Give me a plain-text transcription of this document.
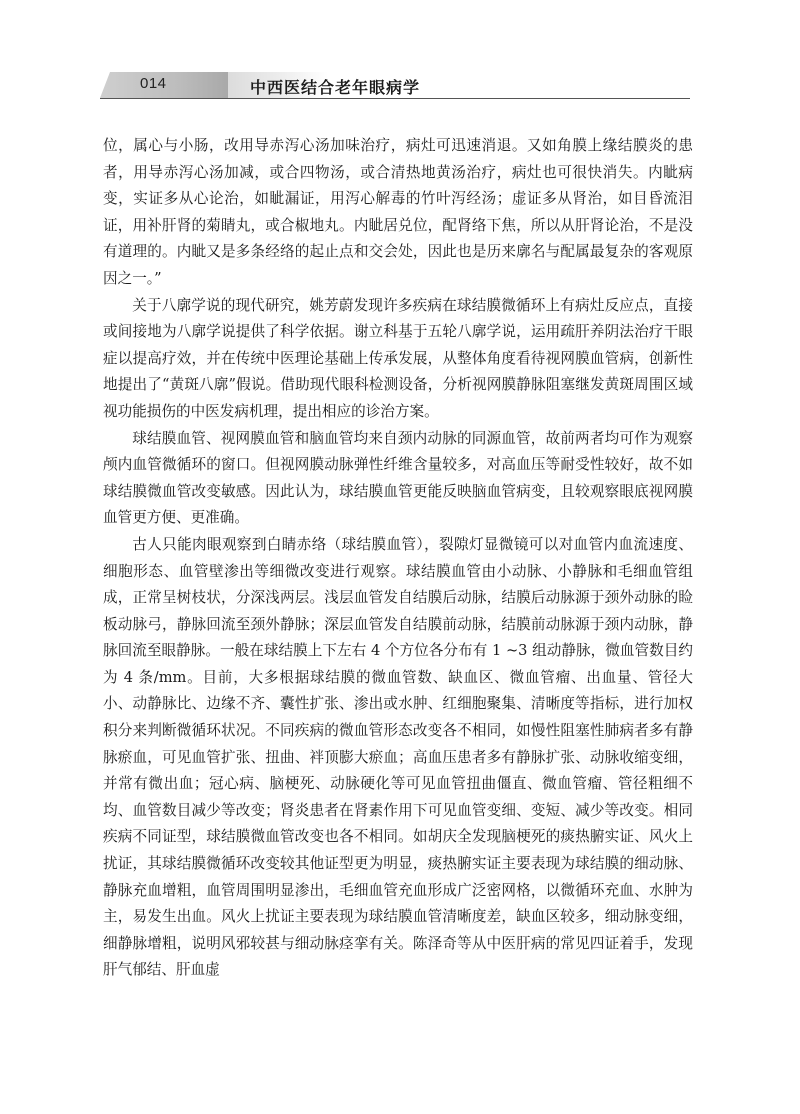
014	中西医结合老年眼病学

位，属心与小肠，改用导赤泻心汤加味治疗，病灶可迅速消退。又如角膜上缘结膜炎的患者，用导赤泻心汤加减，或合四物汤，或合清热地黄汤治疗，病灶也可很快消失。内眦病变，实证多从心论治，如眦漏证，用泻心解毒的竹叶泻经汤；虚证多从肾治，如目昏流泪证，用补肝肾的菊睛丸，或合椒地丸。内眦居兑位，配肾络下焦，所以从肝肾论治，不是没有道理的。内眦又是多条经络的起止点和交会处，因此也是历来廓名与配属最复杂的客观原因之一。”

关于八廓学说的现代研究，姚芳蔚发现许多疾病在球结膜微循环上有病灶反应点，直接或间接地为八廓学说提供了科学依据。谢立科基于五轮八廓学说，运用疏肝养阴法治疗干眼症以提高疗效，并在传统中医理论基础上传承发展，从整体角度看待视网膜血管病，创新性地提出了“黄斑八廓”假说。借助现代眼科检测设备，分析视网膜静脉阻塞继发黄斑周围区域视功能损伤的中医发病机理，提出相应的诊治方案。

球结膜血管、视网膜血管和脑血管均来自颈内动脉的同源血管，故前两者均可作为观察颅内血管微循环的窗口。但视网膜动脉弹性纤维含量较多，对高血压等耐受性较好，故不如球结膜微血管改变敏感。因此认为，球结膜血管更能反映脑血管病变，且较观察眼底视网膜血管更方便、更准确。

古人只能肉眼观察到白睛赤络（球结膜血管），裂隙灯显微镜可以对血管内血流速度、细胞形态、血管壁渗出等细微改变进行观察。球结膜血管由小动脉、小静脉和毛细血管组成，正常呈树枝状，分深浅两层。浅层血管发自结膜后动脉，结膜后动脉源于颈外动脉的睑板动脉弓，静脉回流至颈外静脉；深层血管发自结膜前动脉，结膜前动脉源于颈内动脉，静脉回流至眼静脉。一般在球结膜上下左右 4 个方位各分布有 1 ~3 组动静脉，微血管数目约为 4 条/mm。目前，大多根据球结膜的微血管数、缺血区、微血管瘤、出血量、管径大小、动静脉比、边缘不齐、囊性扩张、渗出或水肿、红细胞聚集、清晰度等指标，进行加权积分来判断微循环状况。不同疾病的微血管形态改变各不相同，如慢性阻塞性肺病者多有静脉瘀血，可见血管扩张、扭曲、袢顶膨大瘀血；高血压患者多有静脉扩张、动脉收缩变细，并常有微出血；冠心病、脑梗死、动脉硬化等可见血管扭曲僵直、微血管瘤、管径粗细不均、血管数目减少等改变；肾炎患者在肾素作用下可见血管变细、变短、减少等改变。相同疾病不同证型，球结膜微血管改变也各不相同。如胡庆全发现脑梗死的痰热腑实证、风火上扰证，其球结膜微循环改变较其他证型更为明显，痰热腑实证主要表现为球结膜的细动脉、静脉充血增粗，血管周围明显渗出，毛细血管充血形成广泛密网格，以微循环充血、水肿为主，易发生出血。风火上扰证主要表现为球结膜血管清晰度差，缺血区较多，细动脉变细，细静脉增粗，说明风邪较甚与细动脉痉挛有关。陈泽奇等从中医肝病的常见四证着手，发现肝气郁结、肝血虚
